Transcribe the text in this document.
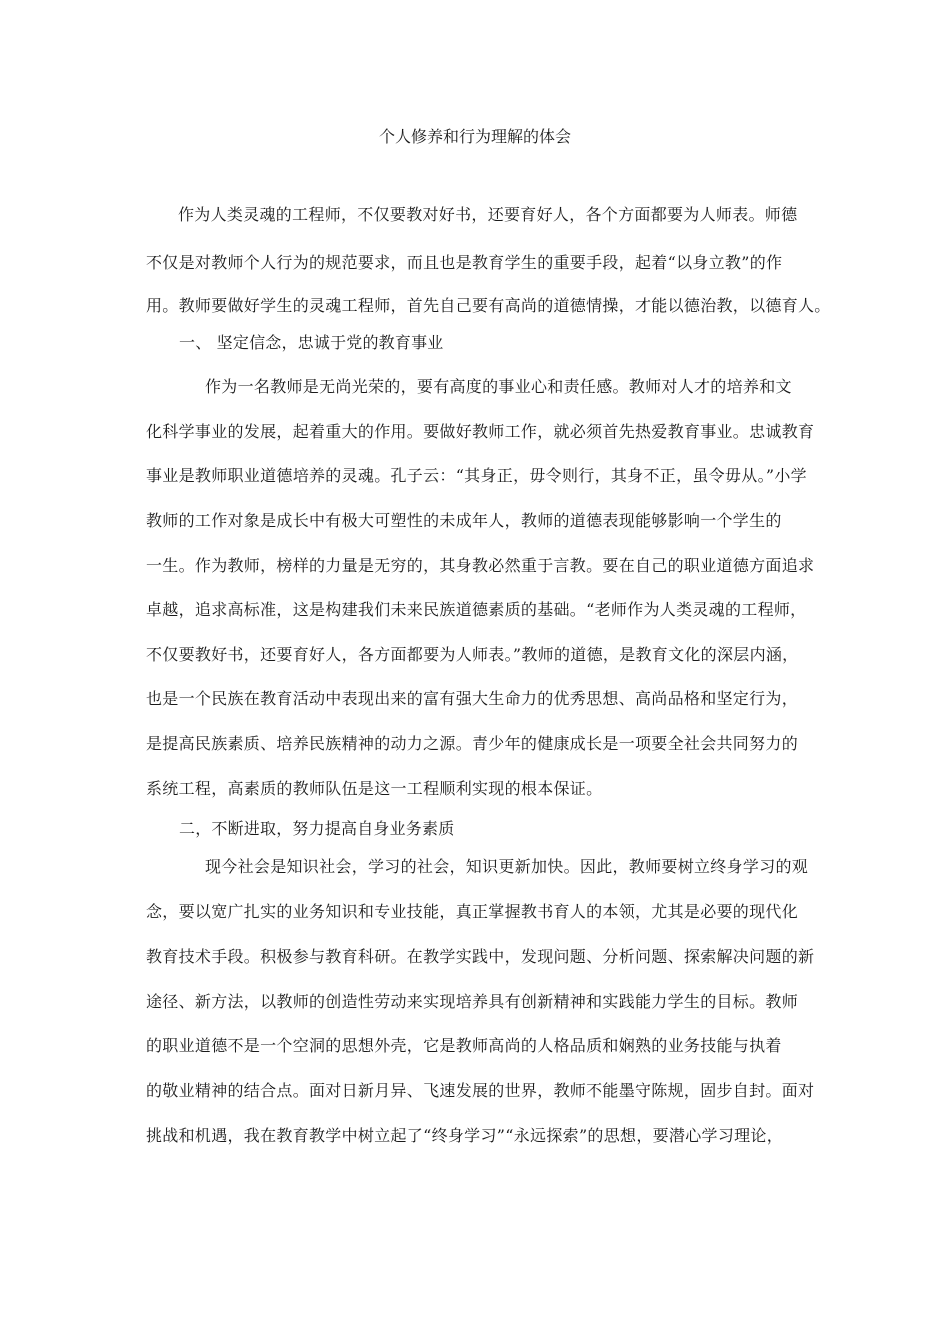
个人修养和行为理解的体会
作为人类灵魂的工程师，不仅要教对好书，还要育好人，各个方面都要为人师表。师德
不仅是对教师个人行为的规范要求，而且也是教育学生的重要手段，起着“以身立教”的作
用。教师要做好学生的灵魂工程师，首先自己要有高尚的道德情操，才能以德治教，以德育人。
一、 坚定信念，忠诚于党的教育事业
作为一名教师是无尚光荣的，要有高度的事业心和责任感。教师对人才的培养和文
化科学事业的发展，起着重大的作用。要做好教师工作，就必须首先热爱教育事业。忠诚教育
事业是教师职业道德培养的灵魂。孔子云：“其身正，毋令则行，其身不正，虽令毋从。”小学
教师的工作对象是成长中有极大可塑性的未成年人，教师的道德表现能够影响一个学生的
一生。作为教师，榜样的力量是无穷的，其身教必然重于言教。要在自己的职业道德方面追求
卓越，追求高标准，这是构建我们未来民族道德素质的基础。“老师作为人类灵魂的工程师，
不仅要教好书，还要育好人，各方面都要为人师表。”教师的道德，是教育文化的深层内涵，
也是一个民族在教育活动中表现出来的富有强大生命力的优秀思想、高尚品格和坚定行为，
是提高民族素质、培养民族精神的动力之源。青少年的健康成长是一项要全社会共同努力的
系统工程，高素质的教师队伍是这一工程顺利实现的根本保证。
二，不断进取，努力提高自身业务素质
现今社会是知识社会，学习的社会，知识更新加快。因此，教师要树立终身学习的观
念，要以宽广扎实的业务知识和专业技能，真正掌握教书育人的本领，尤其是必要的现代化
教育技术手段。积极参与教育科研。在教学实践中，发现问题、分析问题、探索解决问题的新
途径、新方法，以教师的创造性劳动来实现培养具有创新精神和实践能力学生的目标。教师
的职业道德不是一个空洞的思想外壳，它是教师高尚的人格品质和娴熟的业务技能与执着
的敬业精神的结合点。面对日新月异、飞速发展的世界，教师不能墨守陈规，固步自封。面对
挑战和机遇，我在教育教学中树立起了“终身学习”“永远探索”的思想，要潜心学习理论，
